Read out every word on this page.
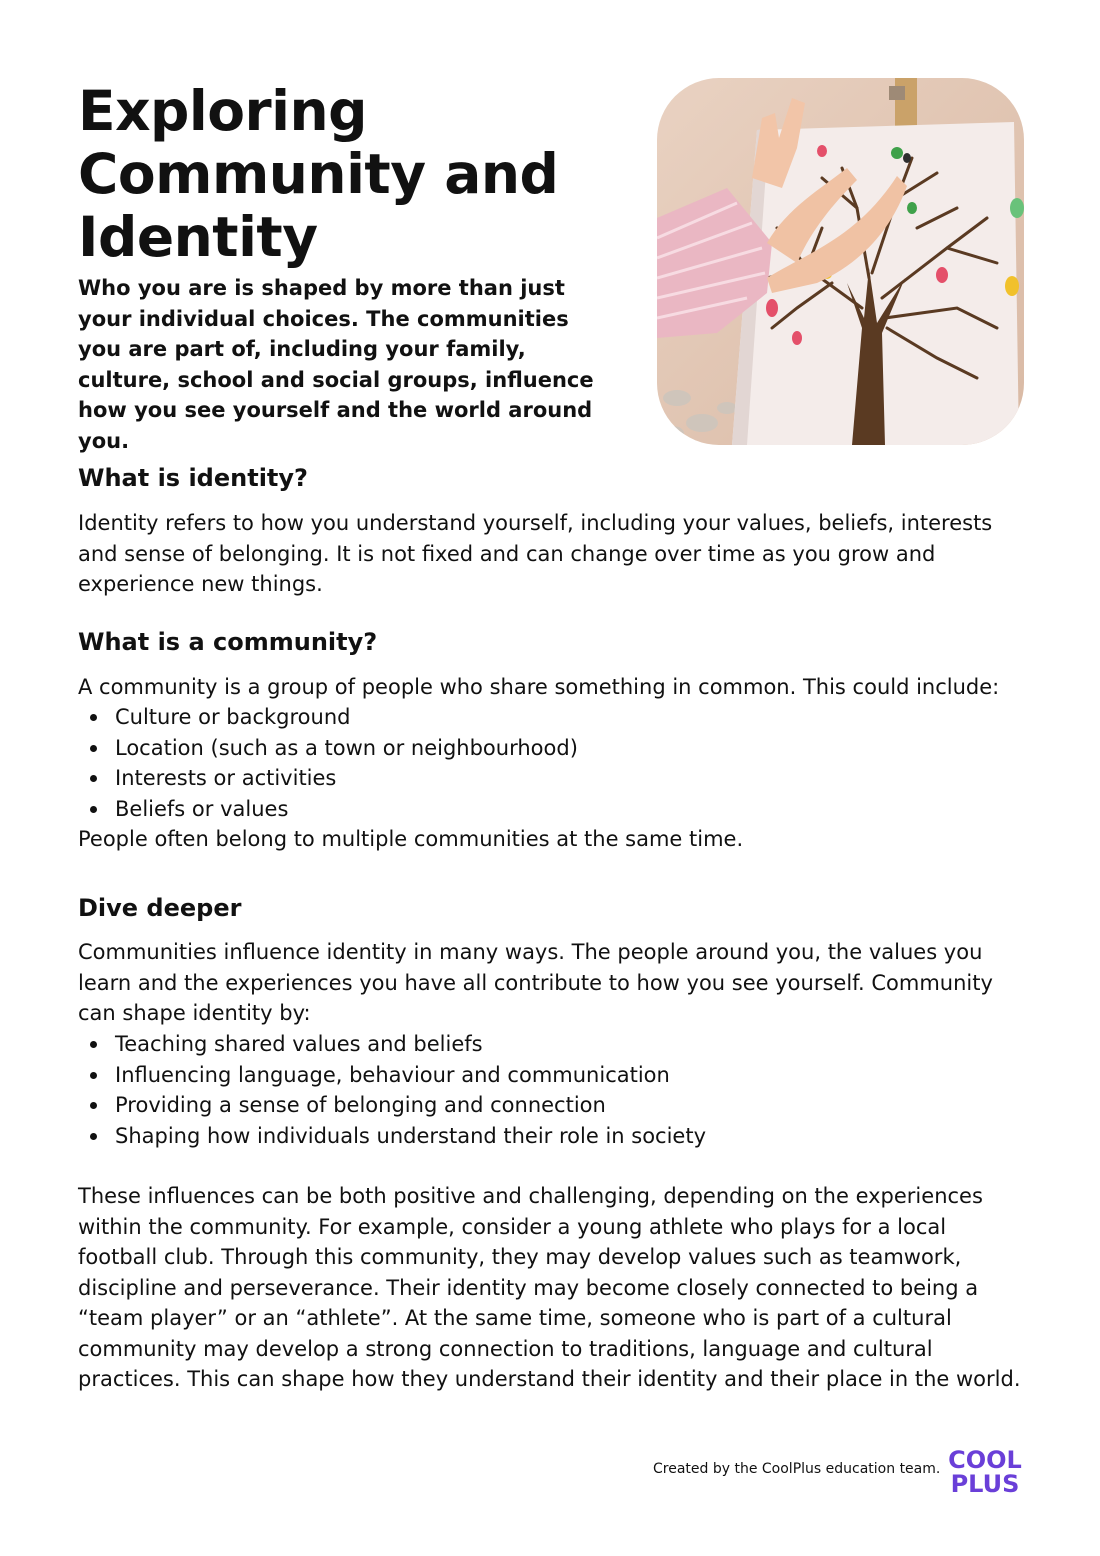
Exploring Community and Identity

Who you are is shaped by more than just your individual choices. The communities you are part of, including your family, culture, school and social groups, influence how you see yourself and the world around you.

What is identity?

Identity refers to how you understand yourself, including your values, beliefs, interests and sense of belonging. It is not fixed and can change over time as you grow and experience new things.

What is a community?

A community is a group of people who share something in common. This could include:

Culture or background
Location (such as a town or neighbourhood)
Interests or activities
Beliefs or values

People often belong to multiple communities at the same time.

Dive deeper

Communities influence identity in many ways. The people around you, the values you learn and the experiences you have all contribute to how you see yourself. Community can shape identity by:

Teaching shared values and beliefs
Influencing language, behaviour and communication
Providing a sense of belonging and connection
Shaping how individuals understand their role in society

These influences can be both positive and challenging, depending on the experiences within the community. For example, consider a young athlete who plays for a local football club. Through this community, they may develop values such as teamwork, discipline and perseverance. Their identity may become closely connected to being a “team player” or an “athlete”. At the same time, someone who is part of a cultural community may develop a strong connection to traditions, language and cultural practices. This can shape how they understand their identity and their place in the world.

Created by the CoolPlus education team. COOL
PLUS
